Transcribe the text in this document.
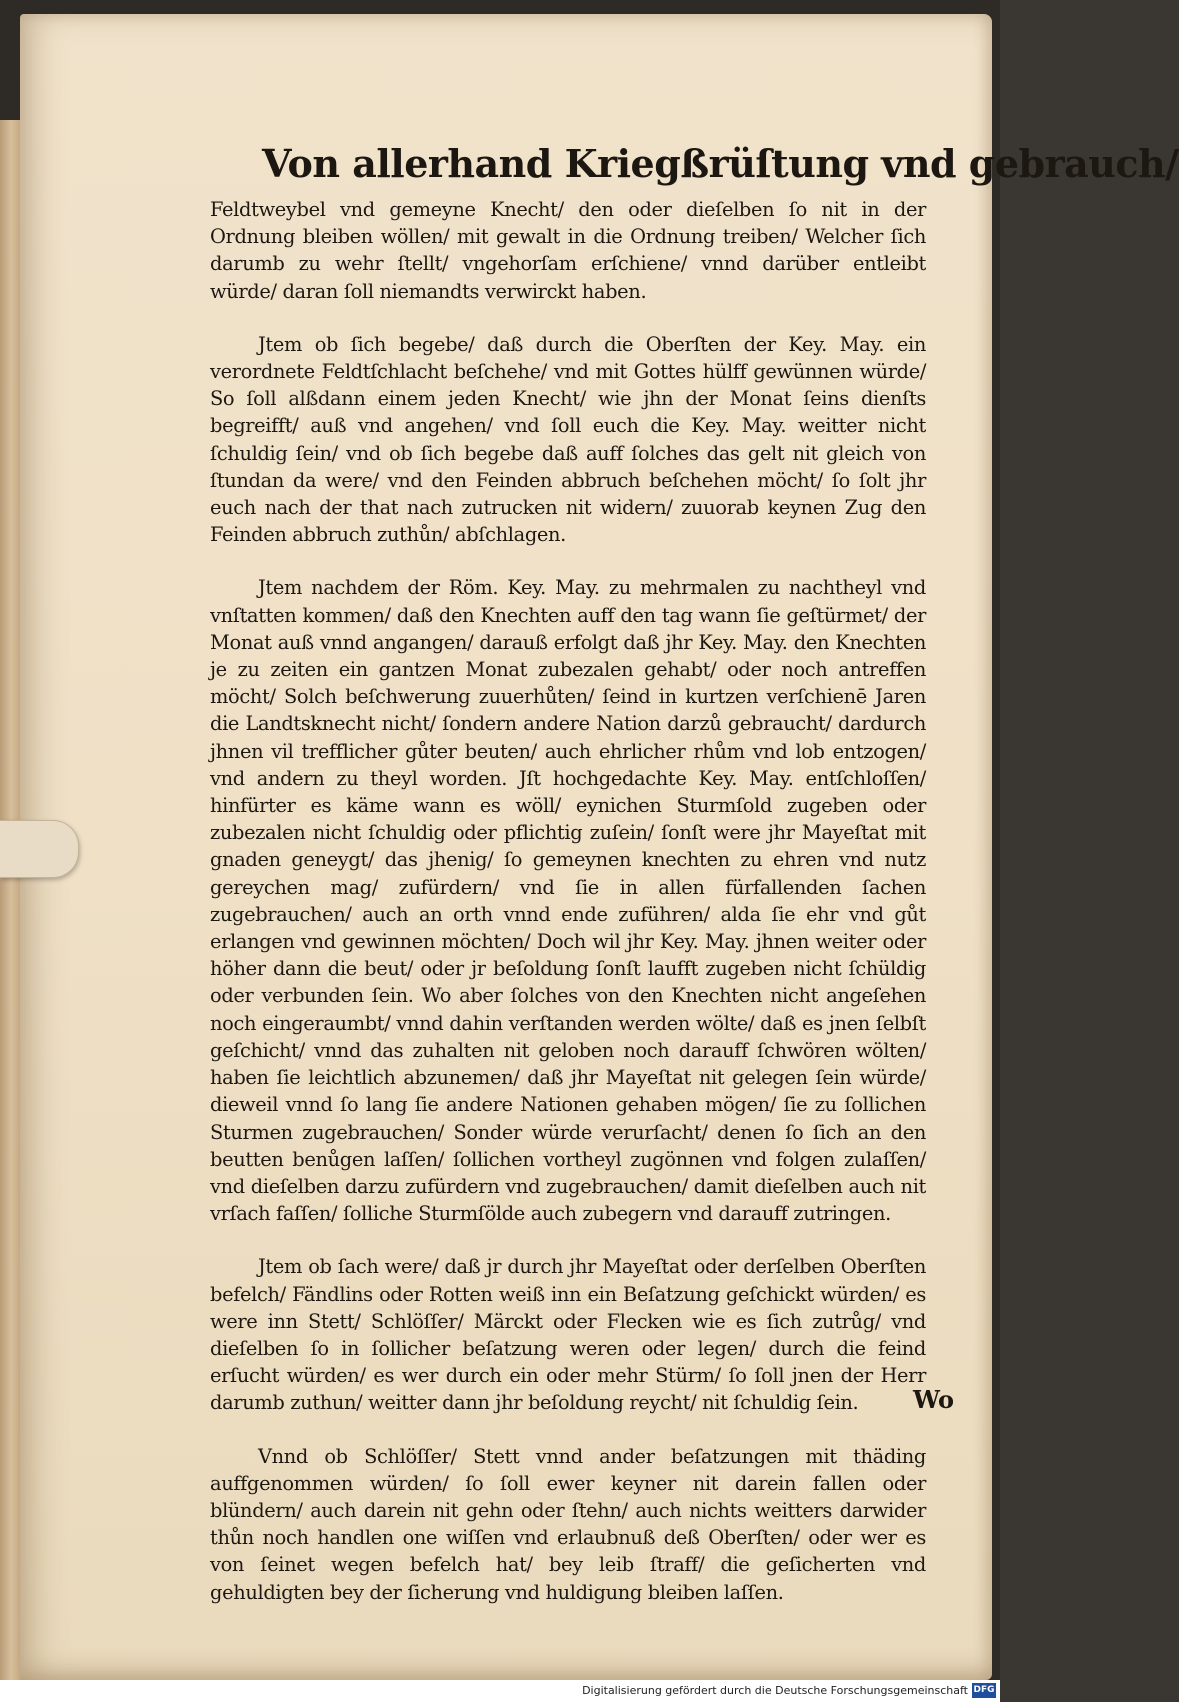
Von allerhand Kriegßrüſtung vnd gebrauch/

Feldtweybel vnd gemeyne Knecht/ den oder dieſelben ſo nit in der Ordnung bleiben wöllen/ mit gewalt in die Ordnung treiben/ Welcher ſich darumb zu wehr ſtellt/ vngehorſam erſchiene/ vnnd darüber entleibt würde/ daran ſoll niemandts verwirckt haben.

Jtem ob ſich begebe/ daß durch die Oberſten der Key. May. ein verordnete Feldtſchlacht beſchehe/ vnd mit Gottes hülff gewünnen würde/ So ſoll alßdann einem jeden Knecht/ wie jhn der Monat ſeins dienſts begreifft/ auß vnd angehen/ vnd ſoll euch die Key. May. weitter nicht ſchuldig ſein/ vnd ob ſich begebe daß auff ſolches das gelt nit gleich von ſtundan da were/ vnd den Feinden abbruch beſchehen möcht/ ſo ſolt jhr euch nach der that nach zutrucken nit widern/ zuuorab keynen Zug den Feinden abbruch zuthůn/ abſchlagen.

Jtem nachdem der Röm. Key. May. zu mehrmalen zu nachtheyl vnd vnſtatten kommen/ daß den Knechten auff den tag wann ſie geſtürmet/ der Monat auß vnnd angangen/ darauß erfolgt daß jhr Key. May. den Knechten je zu zeiten ein gantzen Monat zubezalen gehabt/ oder noch antreffen möcht/ Solch beſchwerung zuuerhůten/ ſeind in kurtzen verſchienē Jaren die Landtsknecht nicht/ ſondern andere Nation darzů gebraucht/ dardurch jhnen vil trefflicher gůter beuten/ auch ehrlicher rhům vnd lob entzogen/ vnd andern zu theyl worden. Jſt hochgedachte Key. May. entſchloſſen/ hinfürter es käme wann es wöll/ eynichen Sturmſold zugeben oder zubezalen nicht ſchuldig oder pflichtig zuſein/ ſonſt were jhr Mayeſtat mit gnaden geneygt/ das jhenig/ ſo gemeynen knechten zu ehren vnd nutz gereychen mag/ zufürdern/ vnd ſie in allen fürfallenden ſachen zugebrauchen/ auch an orth vnnd ende zuführen/ alda ſie ehr vnd gůt erlangen vnd gewinnen möchten/ Doch wil jhr Key. May. jhnen weiter oder höher dann die beut/ oder jr beſoldung ſonſt laufft zugeben nicht ſchüldig oder verbunden ſein. Wo aber ſolches von den Knechten nicht angeſehen noch eingeraumbt/ vnnd dahin verſtanden werden wölte/ daß es jnen ſelbſt geſchicht/ vnnd das zuhalten nit geloben noch darauff ſchwören wölten/ haben ſie leichtlich abzunemen/ daß jhr Mayeſtat nit gelegen ſein würde/ dieweil vnnd ſo lang ſie andere Nationen gehaben mögen/ ſie zu ſollichen Sturmen zugebrauchen/ Sonder würde verurſacht/ denen ſo ſich an den beutten benůgen laſſen/ ſollichen vortheyl zugönnen vnd folgen zulaſſen/ vnd dieſelben darzu zufürdern vnd zugebrauchen/ damit dieſelben auch nit vrſach faſſen/ ſolliche Sturmſölde auch zubegern vnd darauff zutringen.

Jtem ob ſach were/ daß jr durch jhr Mayeſtat oder derſelben Oberſten befelch/ Fändlins oder Rotten weiß inn ein Beſatzung geſchickt würden/ es were inn Stett/ Schlöſſer/ Märckt oder Flecken wie es ſich zutrůg/ vnd dieſelben ſo in ſollicher beſatzung weren oder legen/ durch die feind erſucht würden/ es wer durch ein oder mehr Stürm/ ſo ſoll jnen der Herr darumb zuthun/ weitter dann jhr beſoldung reycht/ nit ſchuldig ſein.

Vnnd ob Schlöſſer/ Stett vnnd ander beſatzungen mit thäding auffgenommen würden/ ſo ſoll ewer keyner nit darein fallen oder blündern/ auch darein nit gehn oder ſtehn/ auch nichts weitters darwider thůn noch handlen one wiſſen vnd erlaubnuß deß Oberſten/ oder wer es von ſeinet wegen befelch hat/ bey leib ſtraff/ die geſicherten vnd gehuldigten bey der ſicherung vnd huldigung bleiben laſſen.

Wo
Digitalisierung gefördert durch die Deutsche Forschungsgemeinschaft DFG
